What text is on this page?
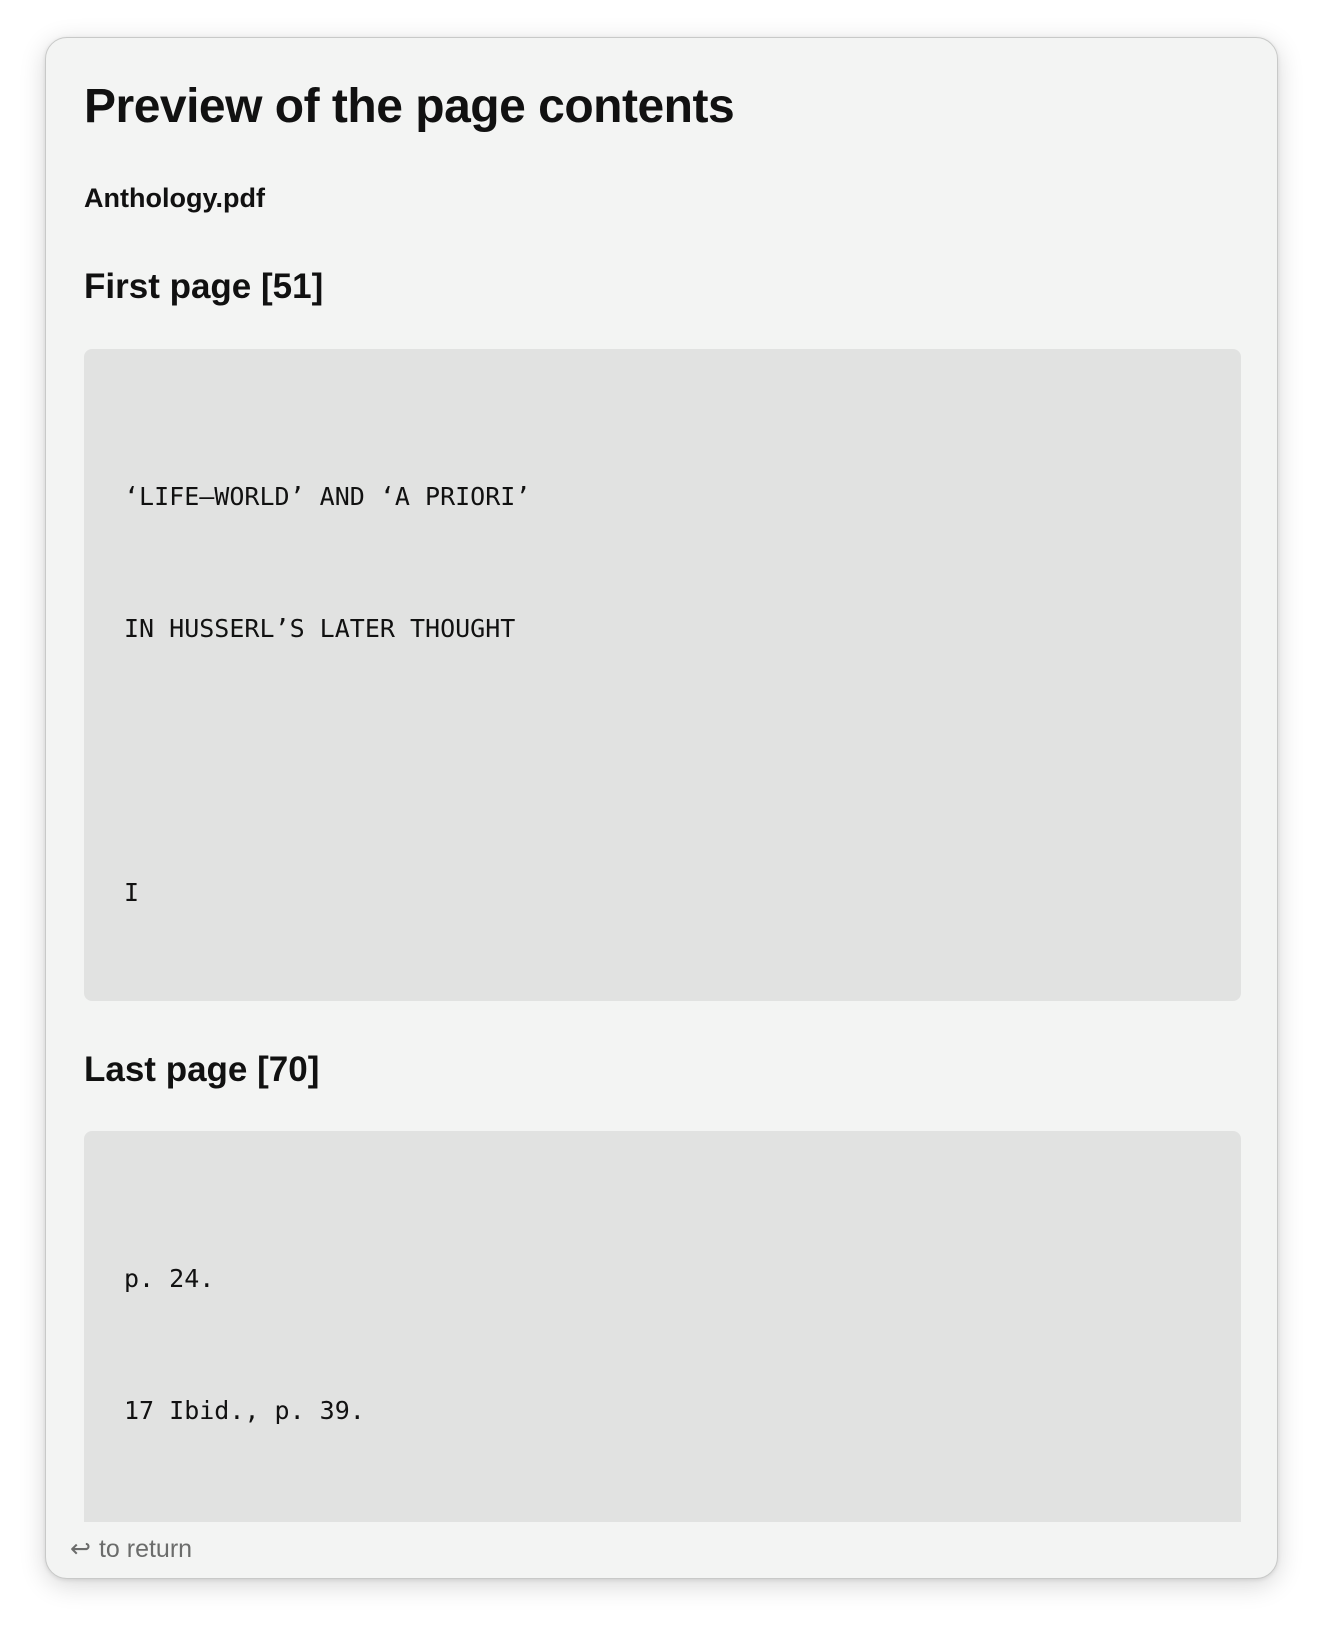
Preview of the page contents
Anthology.pdf
First page [51]

‘LIFE—WORLD’ AND ‘A PRIORI’

IN HUSSERL’S LATER THOUGHT

I

Last page [70]

p. 24.

17 Ibid., p. 39.

↩ to return
